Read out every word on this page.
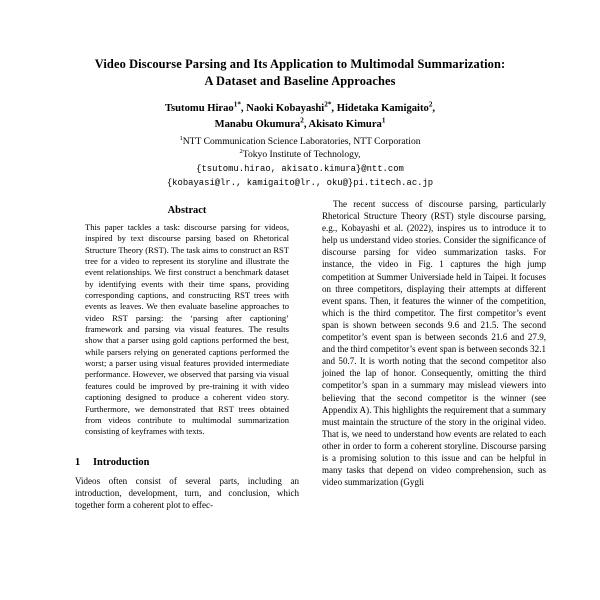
Video Discourse Parsing and Its Application to Multimodal Summarization:
A Dataset and Baseline Approaches
Tsutomu Hirao$^{1*}$, Naoki Kobayashi$^{2*}$, Hidetaka Kamigaito$^2$,
Manabu Okumura$^2$, Akisato Kimura$^1$
$^1$NTT Communication Science Laboratories, NTT Corporation
$^2$Tokyo Institute of Technology,
{tsutomu.hirao, akisato.kimura}@ntt.com
{kobayasi@lr., kamigaito@lr., oku@}pi.titech.ac.jp
Abstract

This paper tackles a task: discourse parsing for videos, inspired by text discourse parsing based on Rhetorical Structure Theory (RST). The task aims to construct an RST tree for a video to represent its storyline and illustrate the event relationships. We first construct a benchmark dataset by identifying events with their time spans, providing corresponding captions, and constructing RST trees with events as leaves. We then evaluate baseline approaches to video RST parsing: the ‘parsing after captioning’ framework and parsing via visual features. The results show that a parser using gold captions performed the best, while parsers relying on generated captions performed the worst; a parser using visual features provided intermediate performance. However, we observed that parsing via visual features could be improved by pre-training it with video captioning designed to produce a coherent video story. Furthermore, we demonstrated that RST trees obtained from videos contribute to multimodal summarization consisting of keyframes with texts.

1	Introduction

Videos often consist of several parts, including an introduction, development, turn, and conclusion, which together form a coherent plot to effec-

The recent success of discourse parsing, particularly Rhetorical Structure Theory (RST) style discourse parsing, e.g., Kobayashi et al. (2022), inspires us to introduce it to help us understand video stories. Consider the significance of discourse parsing for video summarization tasks. For instance, the video in Fig. 1 captures the high jump competition at Summer Universiade held in Taipei. It focuses on three competitors, displaying their attempts at different event spans. Then, it features the winner of the competition, which is the third competitor. The first competitor’s event span is shown between seconds 9.6 and 21.5. The second competitor’s event span is between seconds 21.6 and 27.9, and the third competitor’s event span is between seconds 32.1 and 50.7. It is worth noting that the second competitor also joined the lap of honor. Consequently, omitting the third competitor’s span in a summary may mislead viewers into believing that the second competitor is the winner (see Appendix A). This highlights the requirement that a summary must maintain the structure of the story in the original video. That is, we need to understand how events are related to each other in order to form a coherent storyline. Discourse parsing is a promising solution to this issue and can be helpful in many tasks that depend on video comprehension, such as video summarization (Gygli
